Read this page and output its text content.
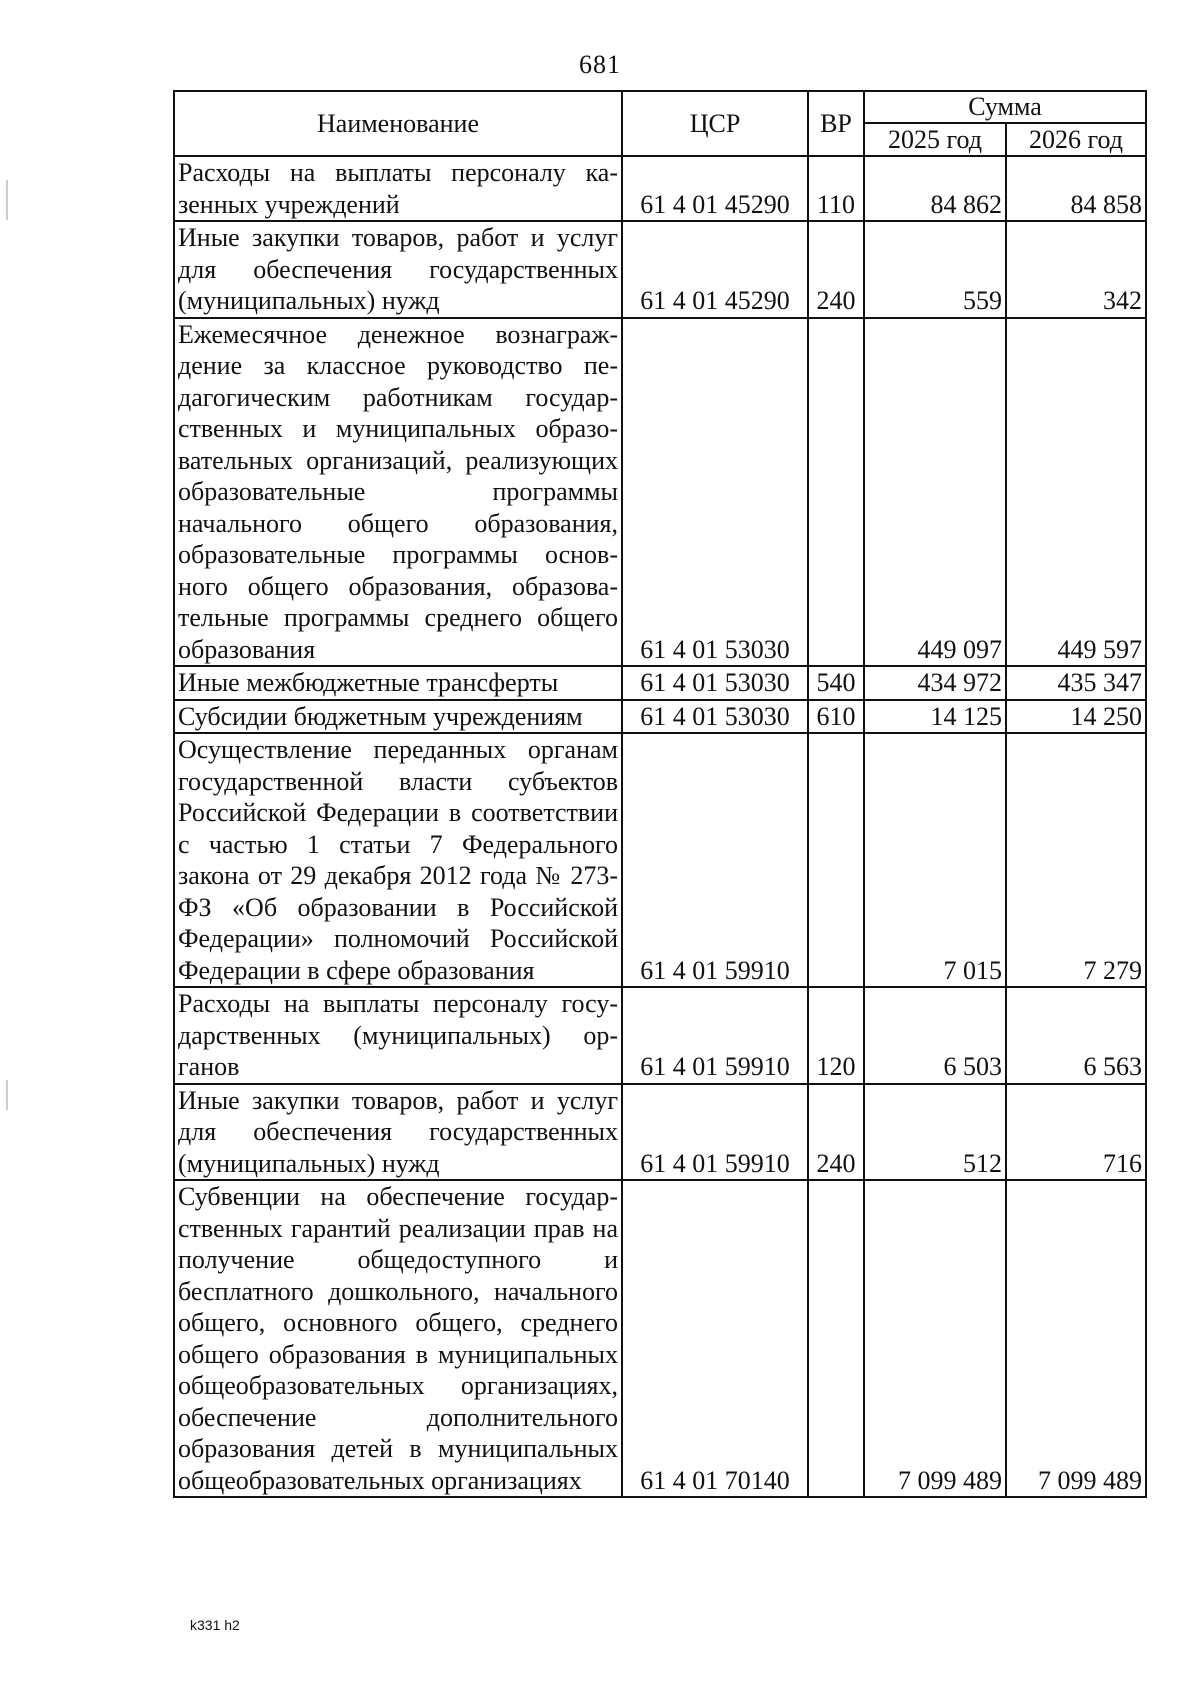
681
Наименование	ЦСР	ВР	Сумма	
			2025 год	2026 год
Расходы на выплаты персоналу казенных учреждений	61 4 01 45290	110	84 862	84 858
Иные закупки товаров, работ и услуг для обеспечения государственных (муниципальных) нужд	61 4 01 45290	240	559	342
Ежемесячное денежное вознаграждение за классное руководство педагогическим работникам государственных и муниципальных образовательных организаций, реализующих образовательные программы начального общего образования, образовательные программы основного общего образования, образовательные программы среднего общего образования	61 4 01 53030		449 097	449 597
Иные межбюджетные трансферты	61 4 01 53030	540	434 972	435 347
Субсидии бюджетным учреждениям	61 4 01 53030	610	14 125	14 250
Осуществление переданных органам государственной власти субъектов Российской Федерации в соответствии с частью 1 статьи 7 Федерального закона от 29 декабря 2012 года № 273-ФЗ «Об образовании в Российской Федерации» полномочий Российской Федерации в сфере образования	61 4 01 59910		7 015	7 279
Расходы на выплаты персоналу государственных (муниципальных) органов	61 4 01 59910	120	6 503	6 563
Иные закупки товаров, работ и услуг для обеспечения государственных (муниципальных) нужд	61 4 01 59910	240	512	716
Субвенции на обеспечение государственных гарантий реализации прав на получение общедоступного и бесплатного дошкольного, начального общего, основного общего, среднего общего образования в муниципальных общеобразовательных организациях, обеспечение дополнительного образования детей в муниципальных общеобразовательных организациях	61 4 01 70140		7 099 489	7 099 489
k331 h2
